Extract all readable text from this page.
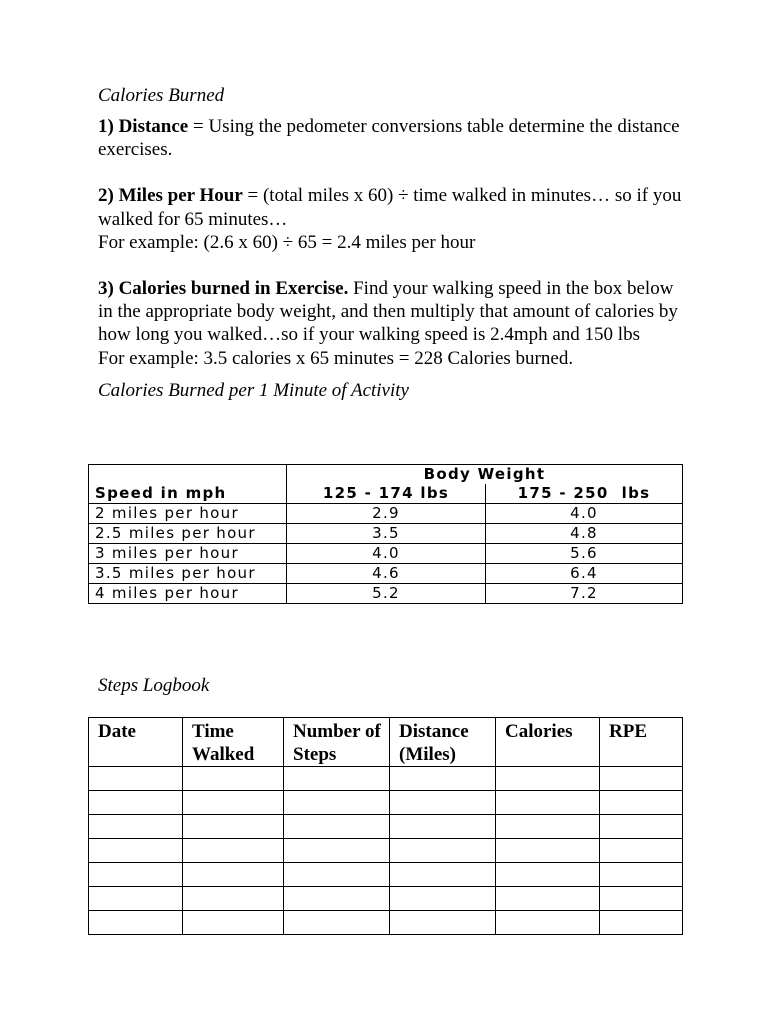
Calories Burned

1) Distance = Using the pedometer conversions table determine the distance exercises.

2) Miles per Hour = (total miles x 60) ÷ time walked in minutes… so if you walked for 65 minutes…
For example: (2.6 x 60) ÷ 65 = 2.4 miles per hour

3) Calories burned in Exercise. Find your walking speed in the box below in the appropriate body weight, and then multiply that amount of calories by how long you walked…so if your walking speed is 2.4mph and 150 lbs
For example: 3.5 calories x 65 minutes = 228 Calories burned.

Calories Burned per 1 Minute of Activity
Speed in mph	Body Weight	
	125 - 174 lbs	175 - 250  lbs
2 miles per hour	2.9	4.0

2.5 miles per hour	3.5	4.8
3 miles per hour	4.0	5.6

3.5 miles per hour	4.6	6.4
4 miles per hour	5.2	7.2
Steps Logbook
Date	Time Walked	Number of Steps	Distance (Miles)	Calories	RPE
